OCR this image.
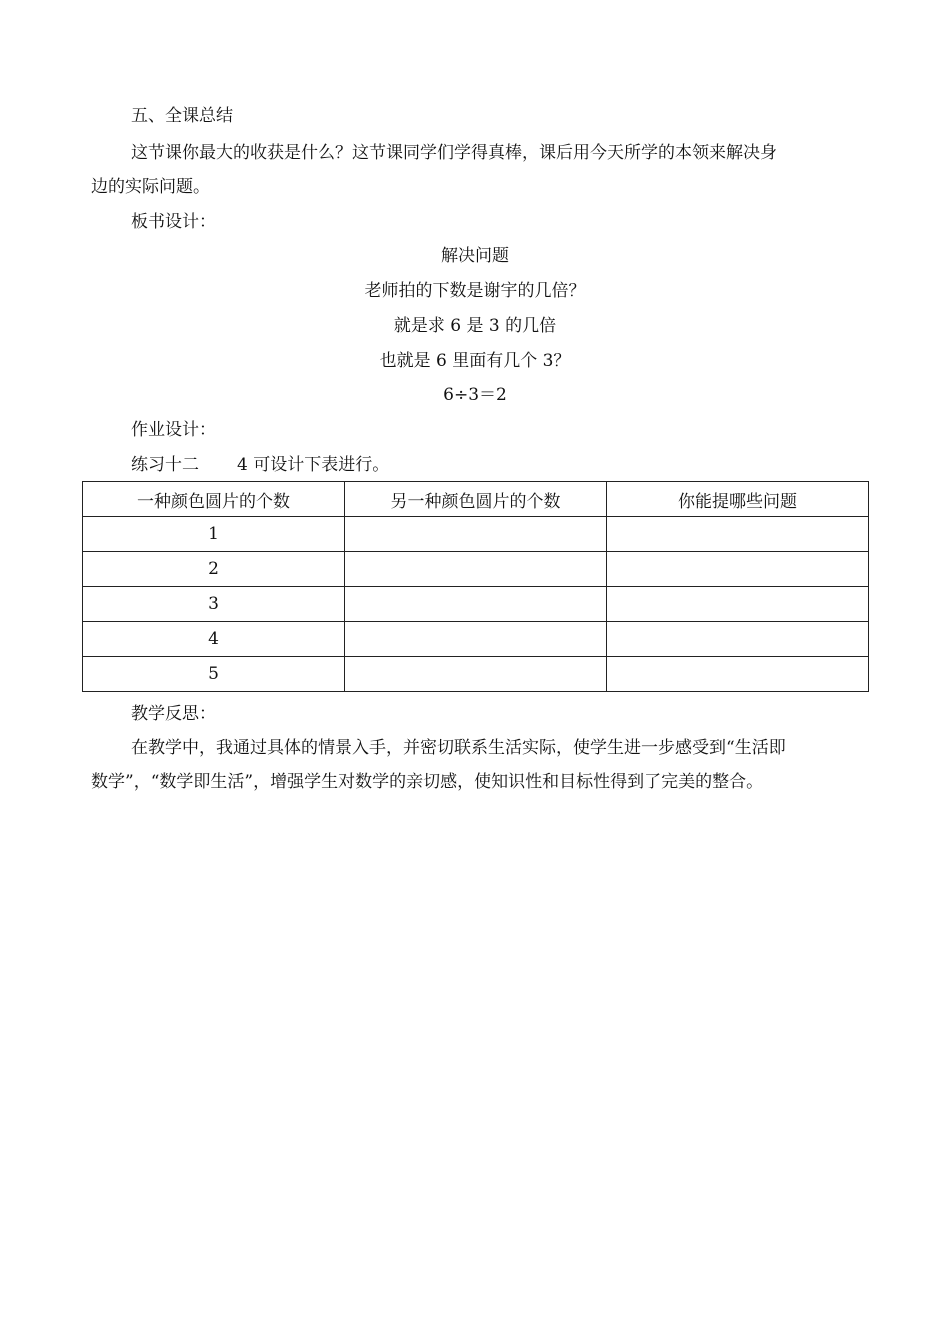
五、全课总结
这节课你最大的收获是什么？这节课同学们学得真棒，课后用今天所学的本领来解决身
边的实际问题。
板书设计：
解决问题
老师拍的下数是谢宇的几倍？
就是求 6 是 3 的几倍
也就是 6 里面有几个 3？
6÷3＝2
作业设计：
练习十二 4 可设计下表进行。
一种颜色圆片的个数	另一种颜色圆片的个数	你能提哪些问题
1		
2		
3		
4		
5		
教学反思：
在教学中，我通过具体的情景入手，并密切联系生活实际，使学生进一步感受到“生活即
数学”，“数学即生活”，增强学生对数学的亲切感，使知识性和目标性得到了完美的整合。
